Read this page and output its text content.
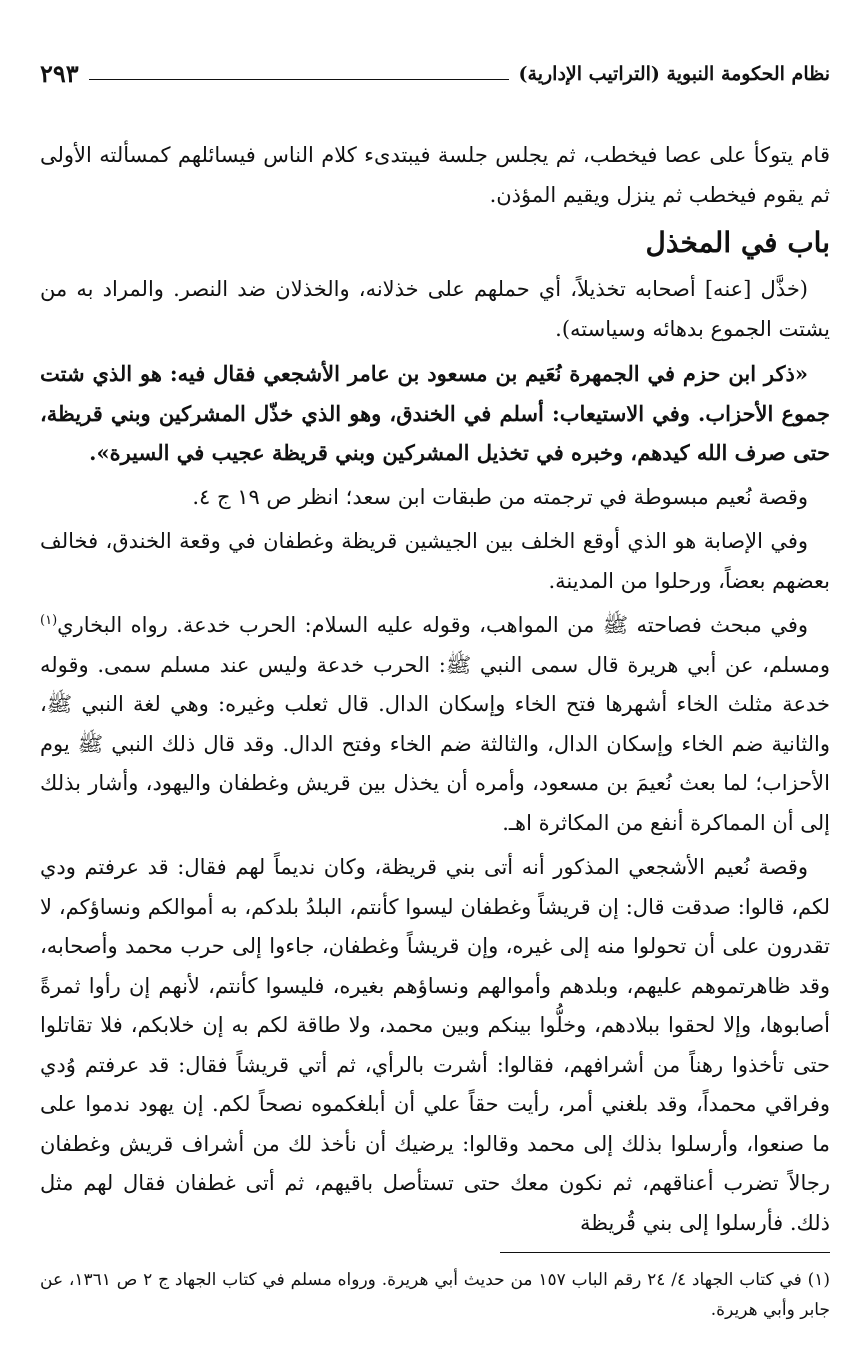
نظام الحكومة النبوية (التراتيب الإدارية)
٢٩٣

قام يتوكأ على عصا فيخطب، ثم يجلس جلسة فيبتدىء كلام الناس فيسائلهم كمسألته الأولى ثم يقوم فيخطب ثم ينزل ويقيم المؤذن.

باب في المخذل

(خذَّل [عنه] أصحابه تخذيلاً، أي حملهم على خذلانه، والخذلان ضد النصر. والمراد به من يشتت الجموع بدهائه وسياسته).

«ذكر ابن حزم في الجمهرة نُعَيم بن مسعود بن عامر الأشجعي فقال فيه: هو الذي شتت جموع الأحزاب. وفي الاستيعاب: أسلم في الخندق، وهو الذي خذّل المشركين وبني قريظة، حتى صرف الله كيدهم، وخبره في تخذيل المشركين وبني قريظة عجيب في السيرة».

وقصة نُعيم مبسوطة في ترجمته من طبقات ابن سعد؛ انظر ص ١٩ ج ٤.

وفي الإصابة هو الذي أوقع الخلف بين الجيشين قريظة وغطفان في وقعة الخندق، فخالف بعضهم بعضاً، ورحلوا من المدينة.

وفي مبحث فصاحته ﷺ من المواهب، وقوله عليه السلام: الحرب خدعة. رواه البخاري$^{(١)}$ ومسلم، عن أبي هريرة قال سمى النبي ﷺ: الحرب خدعة وليس عند مسلم سمى. وقوله خدعة مثلث الخاء أشهرها فتح الخاء وإسكان الدال. قال ثعلب وغيره: وهي لغة النبي ﷺ، والثانية ضم الخاء وإسكان الدال، والثالثة ضم الخاء وفتح الدال. وقد قال ذلك النبي ﷺ يوم الأحزاب؛ لما بعث نُعيمَ بن مسعود، وأمره أن يخذل بين قريش وغطفان واليهود، وأشار بذلك إلى أن المماكرة أنفع من المكاثرة اهـ.

وقصة نُعيم الأشجعي المذكور أنه أتى بني قريظة، وكان نديماً لهم فقال: قد عرفتم ودي لكم، قالوا: صدقت قال: إن قريشاً وغطفان ليسوا كأنتم، البلدُ بلدكم، به أموالكم ونساؤكم، لا تقدرون على أن تحولوا منه إلى غيره، وإن قريشاً وغطفان، جاءوا إلى حرب محمد وأصحابه، وقد ظاهرتموهم عليهم، وبلدهم وأموالهم ونساؤهم بغيره، فليسوا كأنتم، لأنهم إن رأوا ثمرةً أصابوها، وإلا لحقوا ببلادهم، وخلُّوا بينكم وبين محمد، ولا طاقة لكم به إن خلابكم، فلا تقاتلوا حتى تأخذوا رهناً من أشرافهم، فقالوا: أشرت بالرأي، ثم أتي قريشاً فقال: قد عرفتم وُدي وفراقي محمداً، وقد بلغني أمر، رأيت حقاً علي أن أبلغكموه نصحاً لكم. إن يهود ندموا على ما صنعوا، وأرسلوا بذلك إلى محمد وقالوا: يرضيك أن نأخذ لك من أشراف قريش وغطفان رجالاً تضرب أعناقهم، ثم نكون معك حتى تستأصل باقيهم، ثم أتى غطفان فقال لهم مثل ذلك. فأرسلوا إلى بني قُريظة

(١) في كتاب الجهاد ٤/ ٢٤ رقم الباب ١٥٧ من حديث أبي هريرة. ورواه مسلم في كتاب الجهاد ج ٢ ص ١٣٦١، عن جابر وأبي هريرة.
